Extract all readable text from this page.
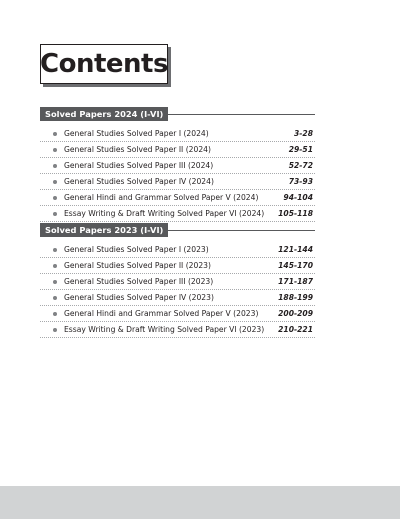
Contents
Solved Papers 2024 (I-VI)
General Studies Solved Paper I (2024)	3-28
General Studies Solved Paper II (2024)	29-51
General Studies Solved Paper III (2024)	52-72
General Studies Solved Paper IV (2024)	73-93
General Hindi and Grammar Solved Paper V (2024)	94-104
Essay Writing & Draft Writing Solved Paper VI (2024) 105-118
Solved Papers 2023 (I-VI)
General Studies Solved Paper I (2023)	121-144
General Studies Solved Paper II (2023)	145-170
General Studies Solved Paper III (2023)	171-187
General Studies Solved Paper IV (2023)	188-199
General Hindi and Grammar Solved Paper V (2023)	200-209
Essay Writing & Draft Writing Solved Paper VI (2023) 210-221
